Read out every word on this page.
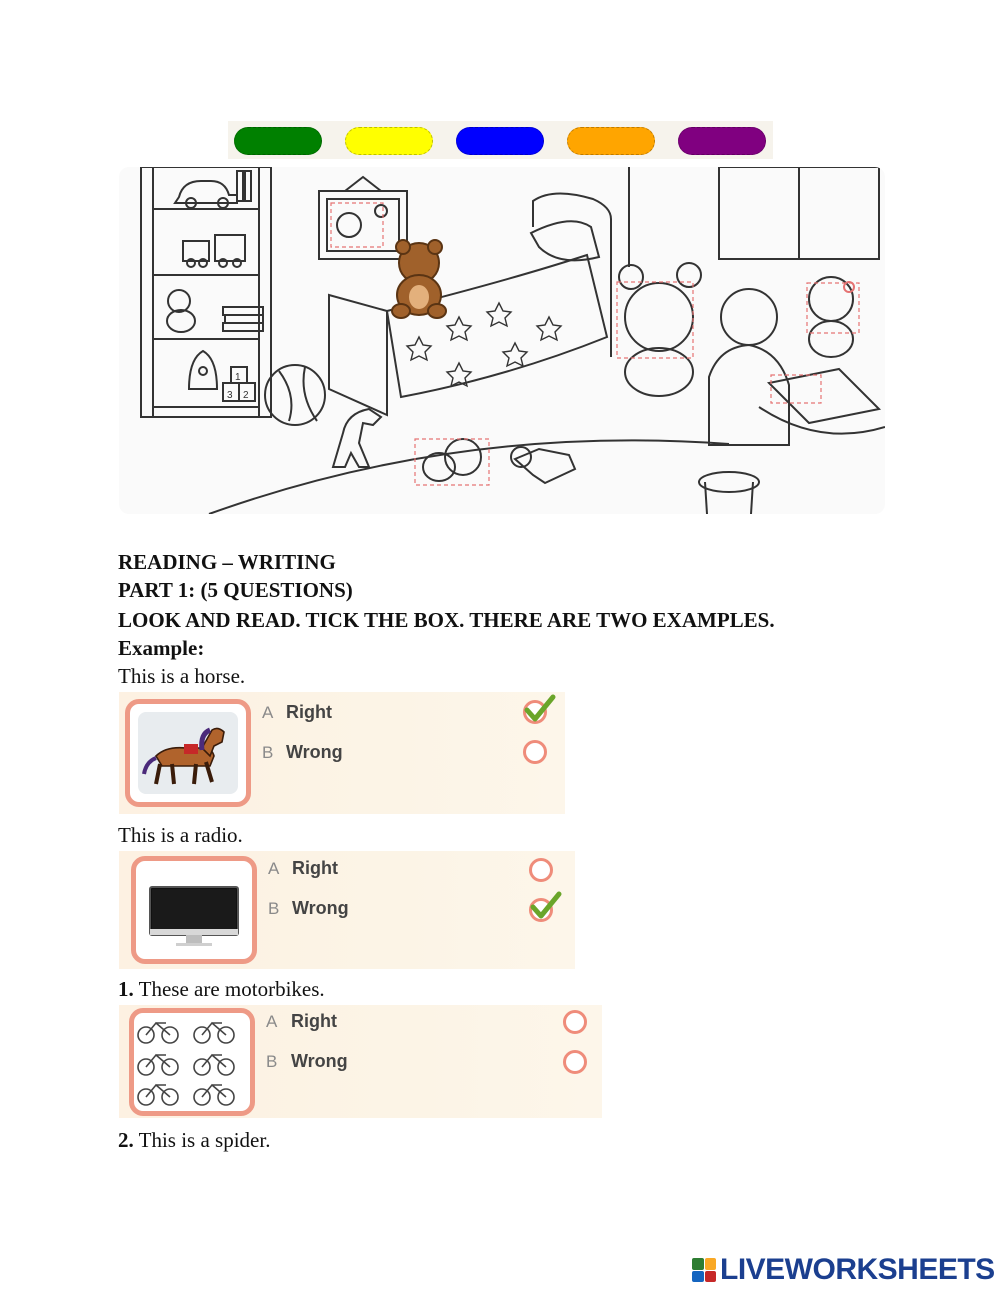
1
3 2
READING – WRITING
PART 1: (5 QUESTIONS)
LOOK AND READ. TICK THE BOX. THERE ARE TWO EXAMPLES.
Example:
This is a horse.
A Right
B Wrong
This is a radio.
A Right
B Wrong
1. These are motorbikes.
A Right
B Wrong
2. This is a spider.
LIVEWORKSHEETS
